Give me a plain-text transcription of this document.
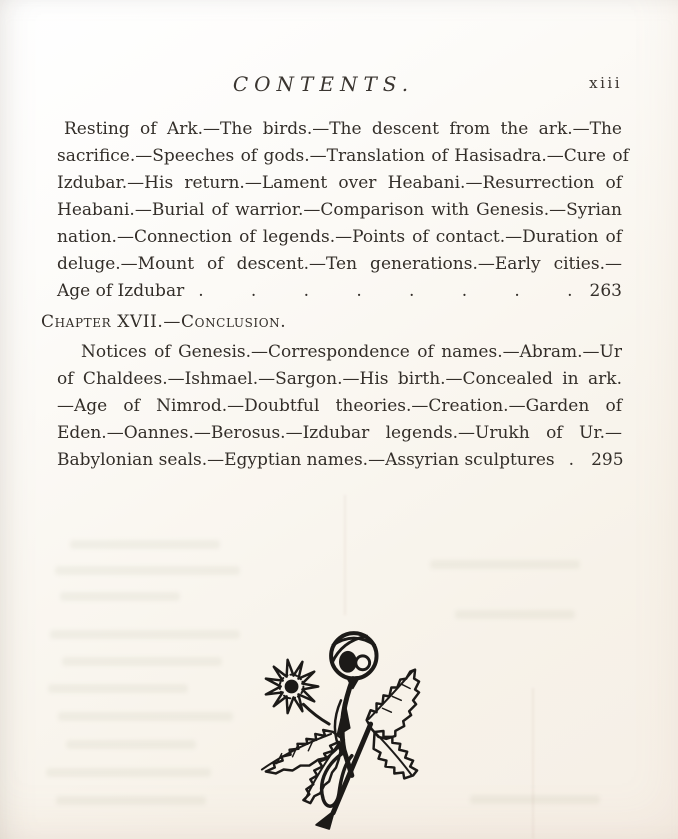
CONTENTS.	xiii
Resting of Ark.—The birds.—The descent from the ark.—The
sacrifice.—Speeches of gods.—Translation of Hasisadra.—Cure of
Izdubar.—His return.—Lament over Heabani.—Resurrection of
Heabani.—Burial of warrior.—Comparison with Genesis.—Syrian
nation.—Connection of legends.—Points of contact.—Duration of
deluge.—Mount of descent.—Ten generations.—Early cities.—
Age of Izdubar . . . . . . . . 263
Chapter XVII.—Conclusion.
Notices of Genesis.—Correspondence of names.—Abram.—Ur
of Chaldees.—Ishmael.—Sargon.—His birth.—Concealed in ark.
—Age of Nimrod.—Doubtful theories.—Creation.—Garden of
Eden.—Oannes.—Berosus.—Izdubar legends.—Urukh of Ur.—
Babylonian seals.—Egyptian names.—Assyrian sculptures . 295
